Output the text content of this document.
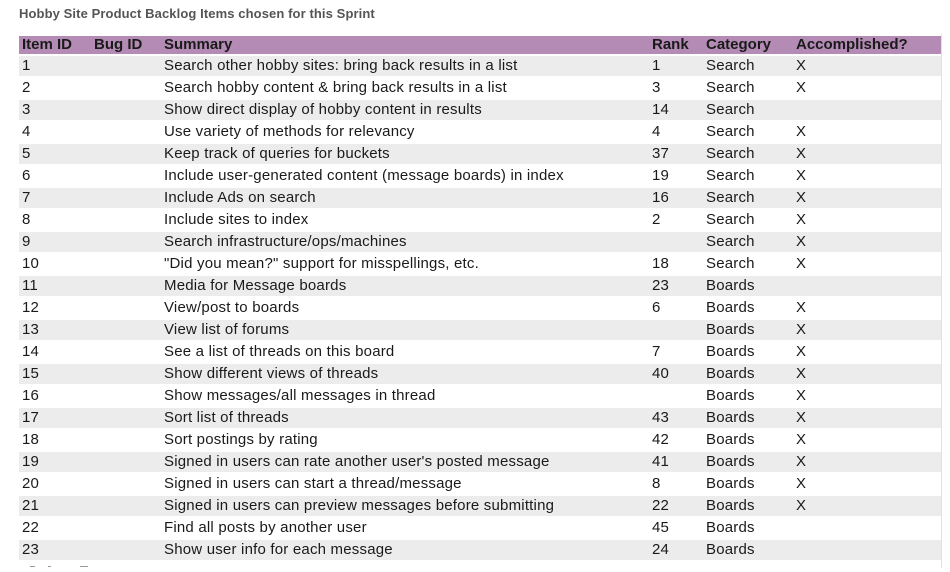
Hobby Site Product Backlog Items chosen for this Sprint
Item ID	Bug ID	Summary	Rank	Category	Accomplished?
1		Search other hobby sites: bring back results in a list	1	Search	X
2		Search hobby content & bring back results in a list	3	Search	X
3		Show direct display of hobby content in results	14	Search	
4		Use variety of methods for relevancy	4	Search	X
5		Keep track of queries for buckets	37	Search	X
6		Include user-generated content (message boards) in index	19	Search	X
7		Include Ads on search	16	Search	X
8		Include sites to index	2	Search	X
9		Search infrastructure/ops/machines		Search	X
10		"Did you mean?" support for misspellings, etc.	18	Search	X
11		Media for Message boards	23	Boards	
12		View/post to boards	6	Boards	X
13		View list of forums		Boards	X
14		See a list of threads on this board	7	Boards	X
15		Show different views of threads	40	Boards	X
16		Show messages/all messages in thread		Boards	X
17		Sort list of threads	43	Boards	X
18		Sort postings by rating	42	Boards	X
19		Signed in users can rate another user's posted message	41	Boards	X
20		Signed in users can start a thread/message	8	Boards	X
21		Signed in users can preview messages before submitting	22	Boards	X
22		Find all posts by another user	45	Boards	
23		Show user info for each message	24	Boards	
